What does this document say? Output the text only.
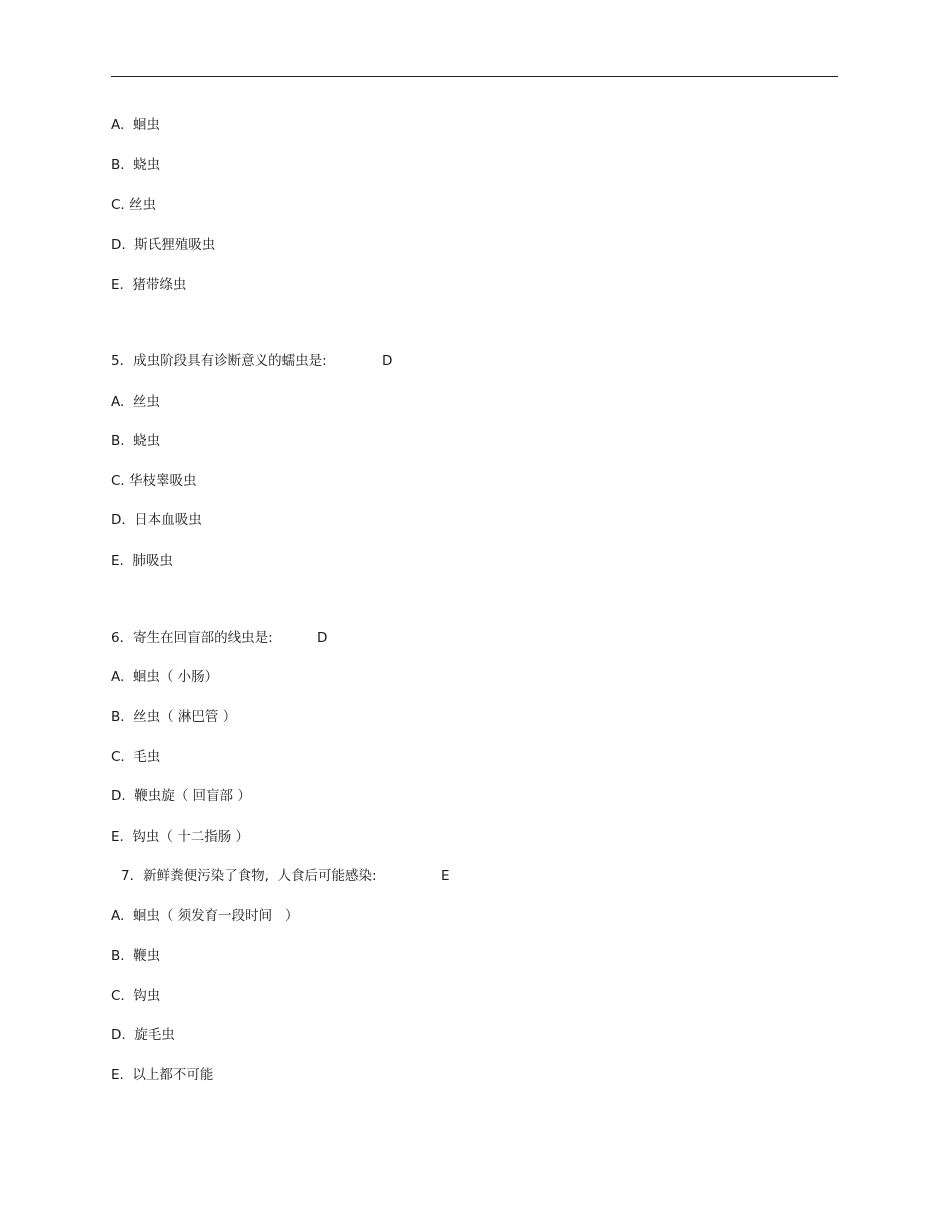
A.  蛔虫
B.  蛲虫
C. 丝虫
D.  斯氏狸殖吸虫
E.  猪带绦虫
5．成虫阶段具有诊断意义的蠕虫是:	D
A.  丝虫
B.  蛲虫
C. 华枝睾吸虫
D.  日本血吸虫
E.  肺吸虫
6．寄生在回盲部的线虫是:	D
A.  蛔虫（ 小肠）
B.  丝虫（ 淋巴管 ）
C.  毛虫
D.  鞭虫旋（ 回盲部 ）
E.  钩虫（ 十二指肠 ）
7．新鲜粪便污染了食物,  人食后可能感染:	E
A.  蛔虫（ 须发育一段时间   ）
B.  鞭虫
C.  钩虫
D.  旋毛虫
E.  以上都不可能
